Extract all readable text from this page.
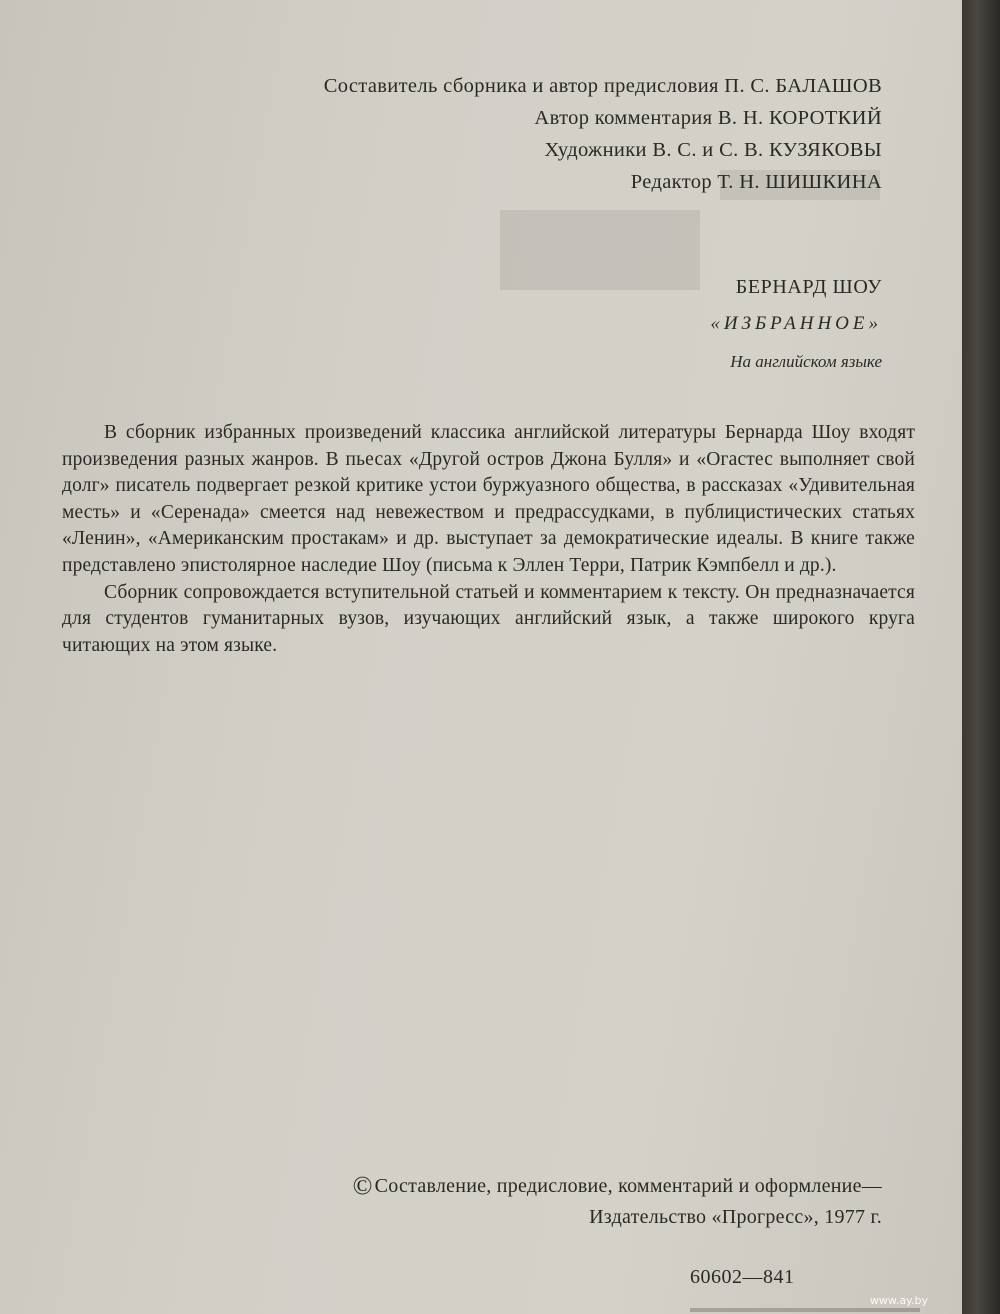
Составитель сборника и автор предисловия П. С. БАЛАШОВ
Автор комментария В. Н. КОРОТКИЙ
Художники В. С. и С. В. КУЗЯКОВЫ
Редактор Т. Н. ШИШКИНА
БЕРНАРД ШОУ
«ИЗБРАННОЕ»
На английском языке

В сборник избранных произведений классика английской литературы Бернарда Шоу входят произведения разных жанров. В пьесах «Другой остров Джона Булля» и «Огастес выполняет свой долг» писатель подвергает резкой критике устои буржуазного общества, в рассказах «Удивительная месть» и «Серенада» смеется над невежеством и предрассудками, в публицистических статьях «Ленин», «Американским простакам» и др. выступает за демократические идеалы. В книге также представлено эпистолярное наследие Шоу (письма к Эллен Терри, Патрик Кэмпбелл и др.).

Сборник сопровождается вступительной статьей и комментарием к тексту. Он предназначается для студентов гуманитарных вузов, изучающих английский язык, а также широкого круга читающих на этом языке.

© Составление, предисловие, комментарий и оформление—
Издательство «Прогресс», 1977 г.
60602—841
www.ay.by
